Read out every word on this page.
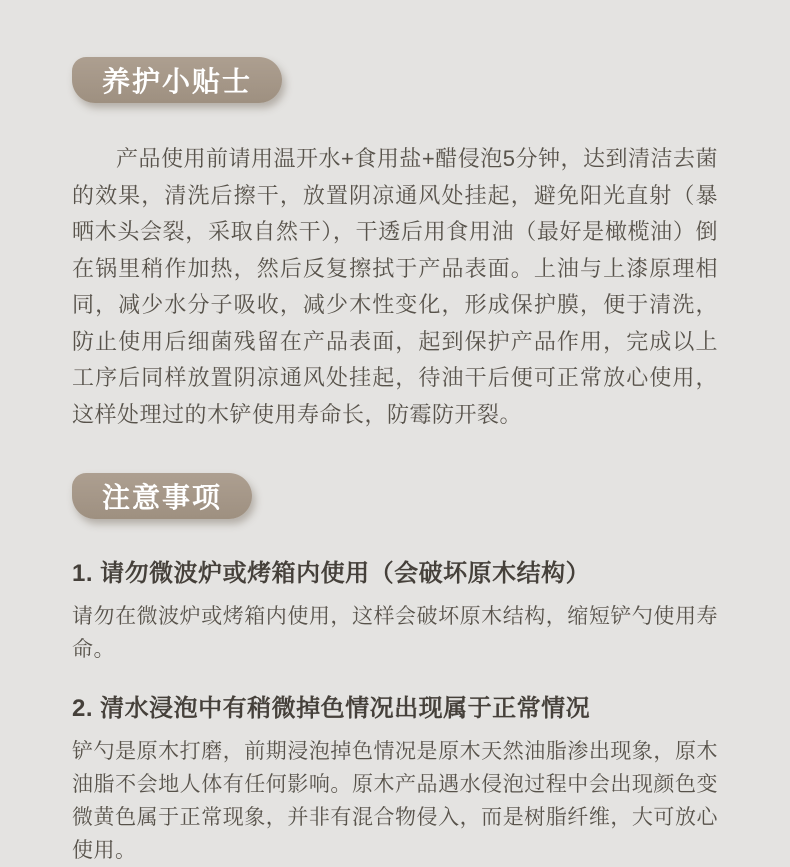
养护小贴士

产品使用前请用温开水+食用盐+醋侵泡5分钟，达到清洁去菌的效果，清洗后擦干，放置阴凉通风处挂起，避免阳光直射（暴晒木头会裂，采取自然干），干透后用食用油（最好是橄榄油）倒在锅里稍作加热，然后反复擦拭于产品表面。上油与上漆原理相同，减少水分子吸收，减少木性变化，形成保护膜，便于清洗，防止使用后细菌残留在产品表面，起到保护产品作用，完成以上工序后同样放置阴凉通风处挂起，待油干后便可正常放心使用，这样处理过的木铲使用寿命长，防霉防开裂。

注意事项
1. 请勿微波炉或烤箱内使用（会破坏原木结构）

请勿在微波炉或烤箱内使用，这样会破坏原木结构，缩短铲勺使用寿命。

2. 清水浸泡中有稍微掉色情况出现属于正常情况

铲勺是原木打磨，前期浸泡掉色情况是原木天然油脂渗出现象，原木油脂不会地人体有任何影响。原木产品遇水侵泡过程中会出现颜色变微黄色属于正常现象，并非有混合物侵入，而是树脂纤维，大可放心使用。
